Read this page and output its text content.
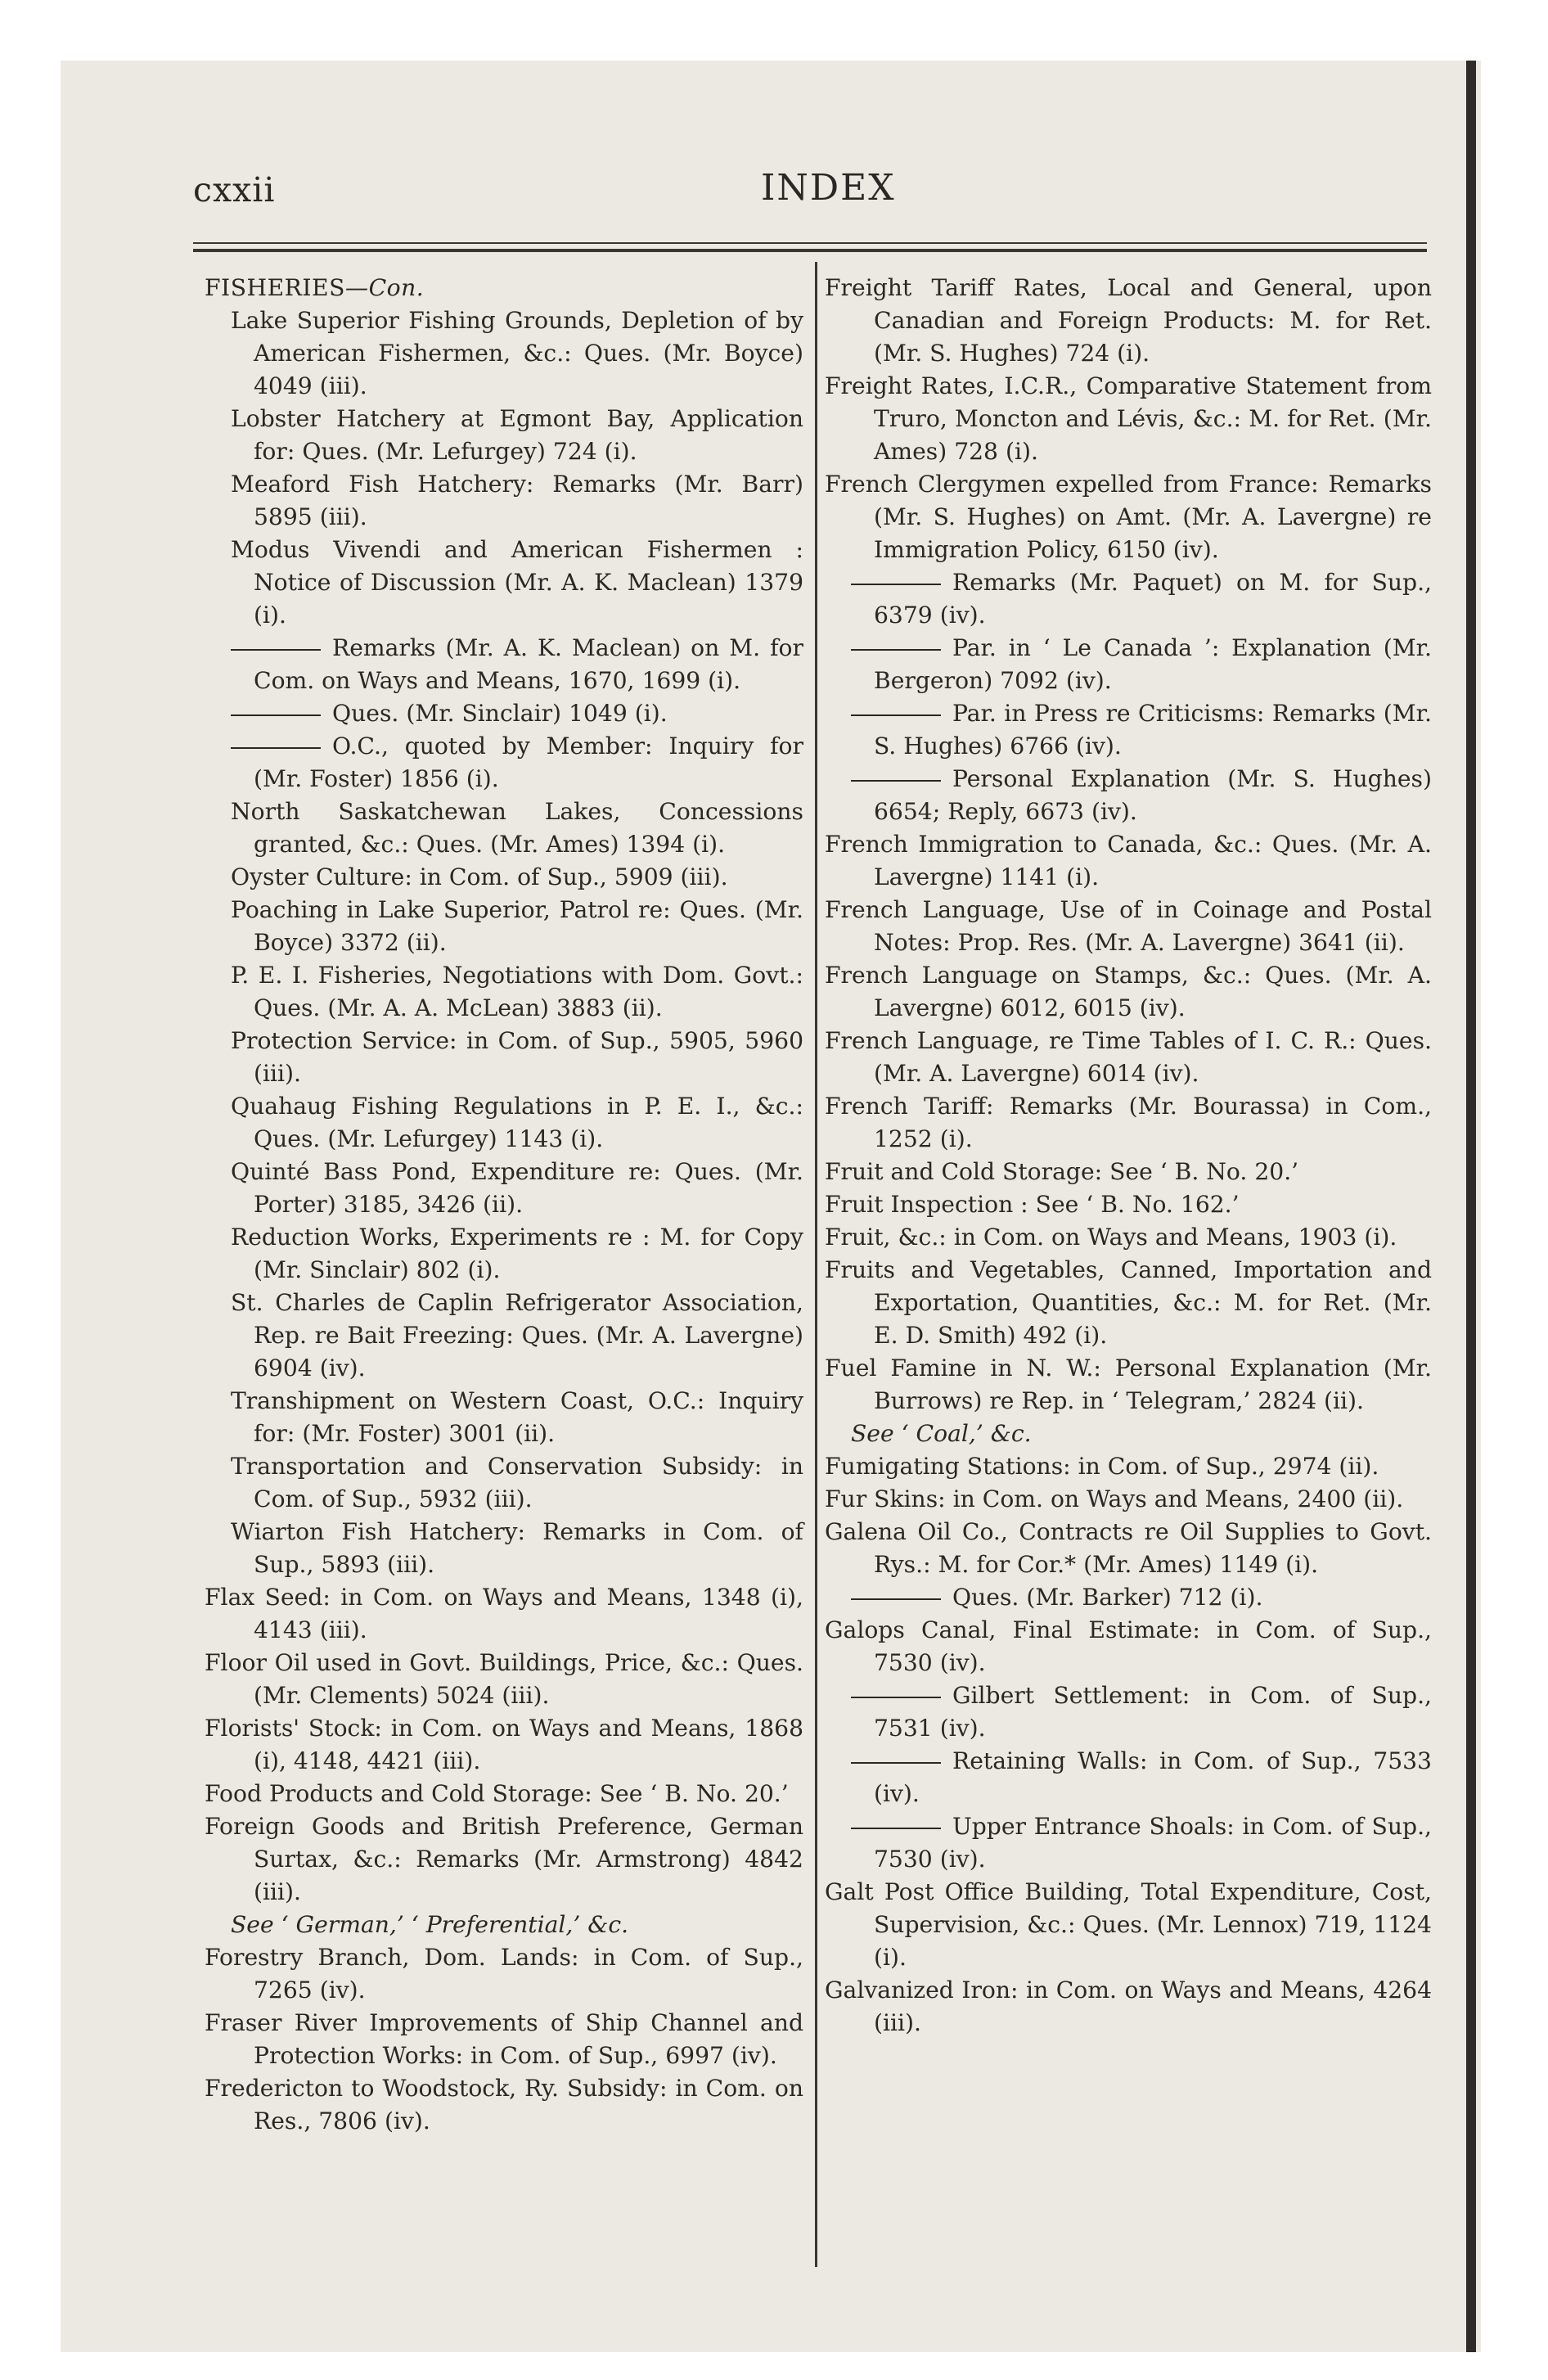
cxxii	INDEX

FISHERIES—Con.

Lake Superior Fishing Grounds, Depletion of by American Fishermen, &c.: Ques. (Mr. Boyce) 4049 (iii).

Lobster Hatchery at Egmont Bay, Application for: Ques. (Mr. Lefurgey) 724 (i).

Meaford Fish Hatchery: Remarks (Mr. Barr) 5895 (iii).

Modus Vivendi and American Fishermen : Notice of Discussion (Mr. A. K. Maclean) 1379 (i).

Remarks (Mr. A. K. Maclean) on M. for Com. on Ways and Means, 1670, 1699 (i).

Ques. (Mr. Sinclair) 1049 (i).

O.C., quoted by Member: Inquiry for (Mr. Foster) 1856 (i).

North Saskatchewan Lakes, Concessions granted, &c.: Ques. (Mr. Ames) 1394 (i).

Oyster Culture: in Com. of Sup., 5909 (iii).

Poaching in Lake Superior, Patrol re: Ques. (Mr. Boyce) 3372 (ii).

P. E. I. Fisheries, Negotiations with Dom. Govt.: Ques. (Mr. A. A. McLean) 3883 (ii).

Protection Service: in Com. of Sup., 5905, 5960 (iii).

Quahaug Fishing Regulations in P. E. I., &c.: Ques. (Mr. Lefurgey) 1143 (i).

Quinté Bass Pond, Expenditure re: Ques. (Mr. Porter) 3185, 3426 (ii).

Reduction Works, Experiments re : M. for Copy (Mr. Sinclair) 802 (i).

St. Charles de Caplin Refrigerator Association, Rep. re Bait Freezing: Ques. (Mr. A. Lavergne) 6904 (iv).

Transhipment on Western Coast, O.C.: Inquiry for: (Mr. Foster) 3001 (ii).

Transportation and Conservation Subsidy: in Com. of Sup., 5932 (iii).

Wiarton Fish Hatchery: Remarks in Com. of Sup., 5893 (iii).

Flax Seed: in Com. on Ways and Means, 1348 (i), 4143 (iii).

Floor Oil used in Govt. Buildings, Price, &c.: Ques. (Mr. Clements) 5024 (iii).

Florists' Stock: in Com. on Ways and Means, 1868 (i), 4148, 4421 (iii).

Food Products and Cold Storage: See ‘ B. No. 20.’

Foreign Goods and British Preference, German Surtax, &c.: Remarks (Mr. Armstrong) 4842 (iii).

See ‘ German,’ ‘ Preferential,’ &c.

Forestry Branch, Dom. Lands: in Com. of Sup., 7265 (iv).

Fraser River Improvements of Ship Channel and Protection Works: in Com. of Sup., 6997 (iv).

Fredericton to Woodstock, Ry. Subsidy: in Com. on Res., 7806 (iv).

Freight Tariff Rates, Local and General, upon Canadian and Foreign Products: M. for Ret. (Mr. S. Hughes) 724 (i).

Freight Rates, I.C.R., Comparative Statement from Truro, Moncton and Lévis, &c.: M. for Ret. (Mr. Ames) 728 (i).

French Clergymen expelled from France: Remarks (Mr. S. Hughes) on Amt. (Mr. A. Lavergne) re Immigration Policy, 6150 (iv).

Remarks (Mr. Paquet) on M. for Sup., 6379 (iv).

Par. in ‘ Le Canada ’: Explanation (Mr. Bergeron) 7092 (iv).

Par. in Press re Criticisms: Remarks (Mr. S. Hughes) 6766 (iv).

Personal Explanation (Mr. S. Hughes) 6654; Reply, 6673 (iv).

French Immigration to Canada, &c.: Ques. (Mr. A. Lavergne) 1141 (i).

French Language, Use of in Coinage and Postal Notes: Prop. Res. (Mr. A. Lavergne) 3641 (ii).

French Language on Stamps, &c.: Ques. (Mr. A. Lavergne) 6012, 6015 (iv).

French Language, re Time Tables of I. C. R.: Ques. (Mr. A. Lavergne) 6014 (iv).

French Tariff: Remarks (Mr. Bourassa) in Com., 1252 (i).

Fruit and Cold Storage: See ‘ B. No. 20.’

Fruit Inspection : See ‘ B. No. 162.’

Fruit, &c.: in Com. on Ways and Means, 1903 (i).

Fruits and Vegetables, Canned, Importation and Exportation, Quantities, &c.: M. for Ret. (Mr. E. D. Smith) 492 (i).

Fuel Famine in N. W.: Personal Explanation (Mr. Burrows) re Rep. in ‘ Telegram,’ 2824 (ii).

See ‘ Coal,’ &c.

Fumigating Stations: in Com. of Sup., 2974 (ii).

Fur Skins: in Com. on Ways and Means, 2400 (ii).

Galena Oil Co., Contracts re Oil Supplies to Govt. Rys.: M. for Cor.* (Mr. Ames) 1149 (i).

Ques. (Mr. Barker) 712 (i).

Galops Canal, Final Estimate: in Com. of Sup., 7530 (iv).

Gilbert Settlement: in Com. of Sup., 7531 (iv).

Retaining Walls: in Com. of Sup., 7533 (iv).

Upper Entrance Shoals: in Com. of Sup., 7530 (iv).

Galt Post Office Building, Total Expenditure, Cost, Supervision, &c.: Ques. (Mr. Lennox) 719, 1124 (i).

Galvanized Iron: in Com. on Ways and Means, 4264 (iii).
